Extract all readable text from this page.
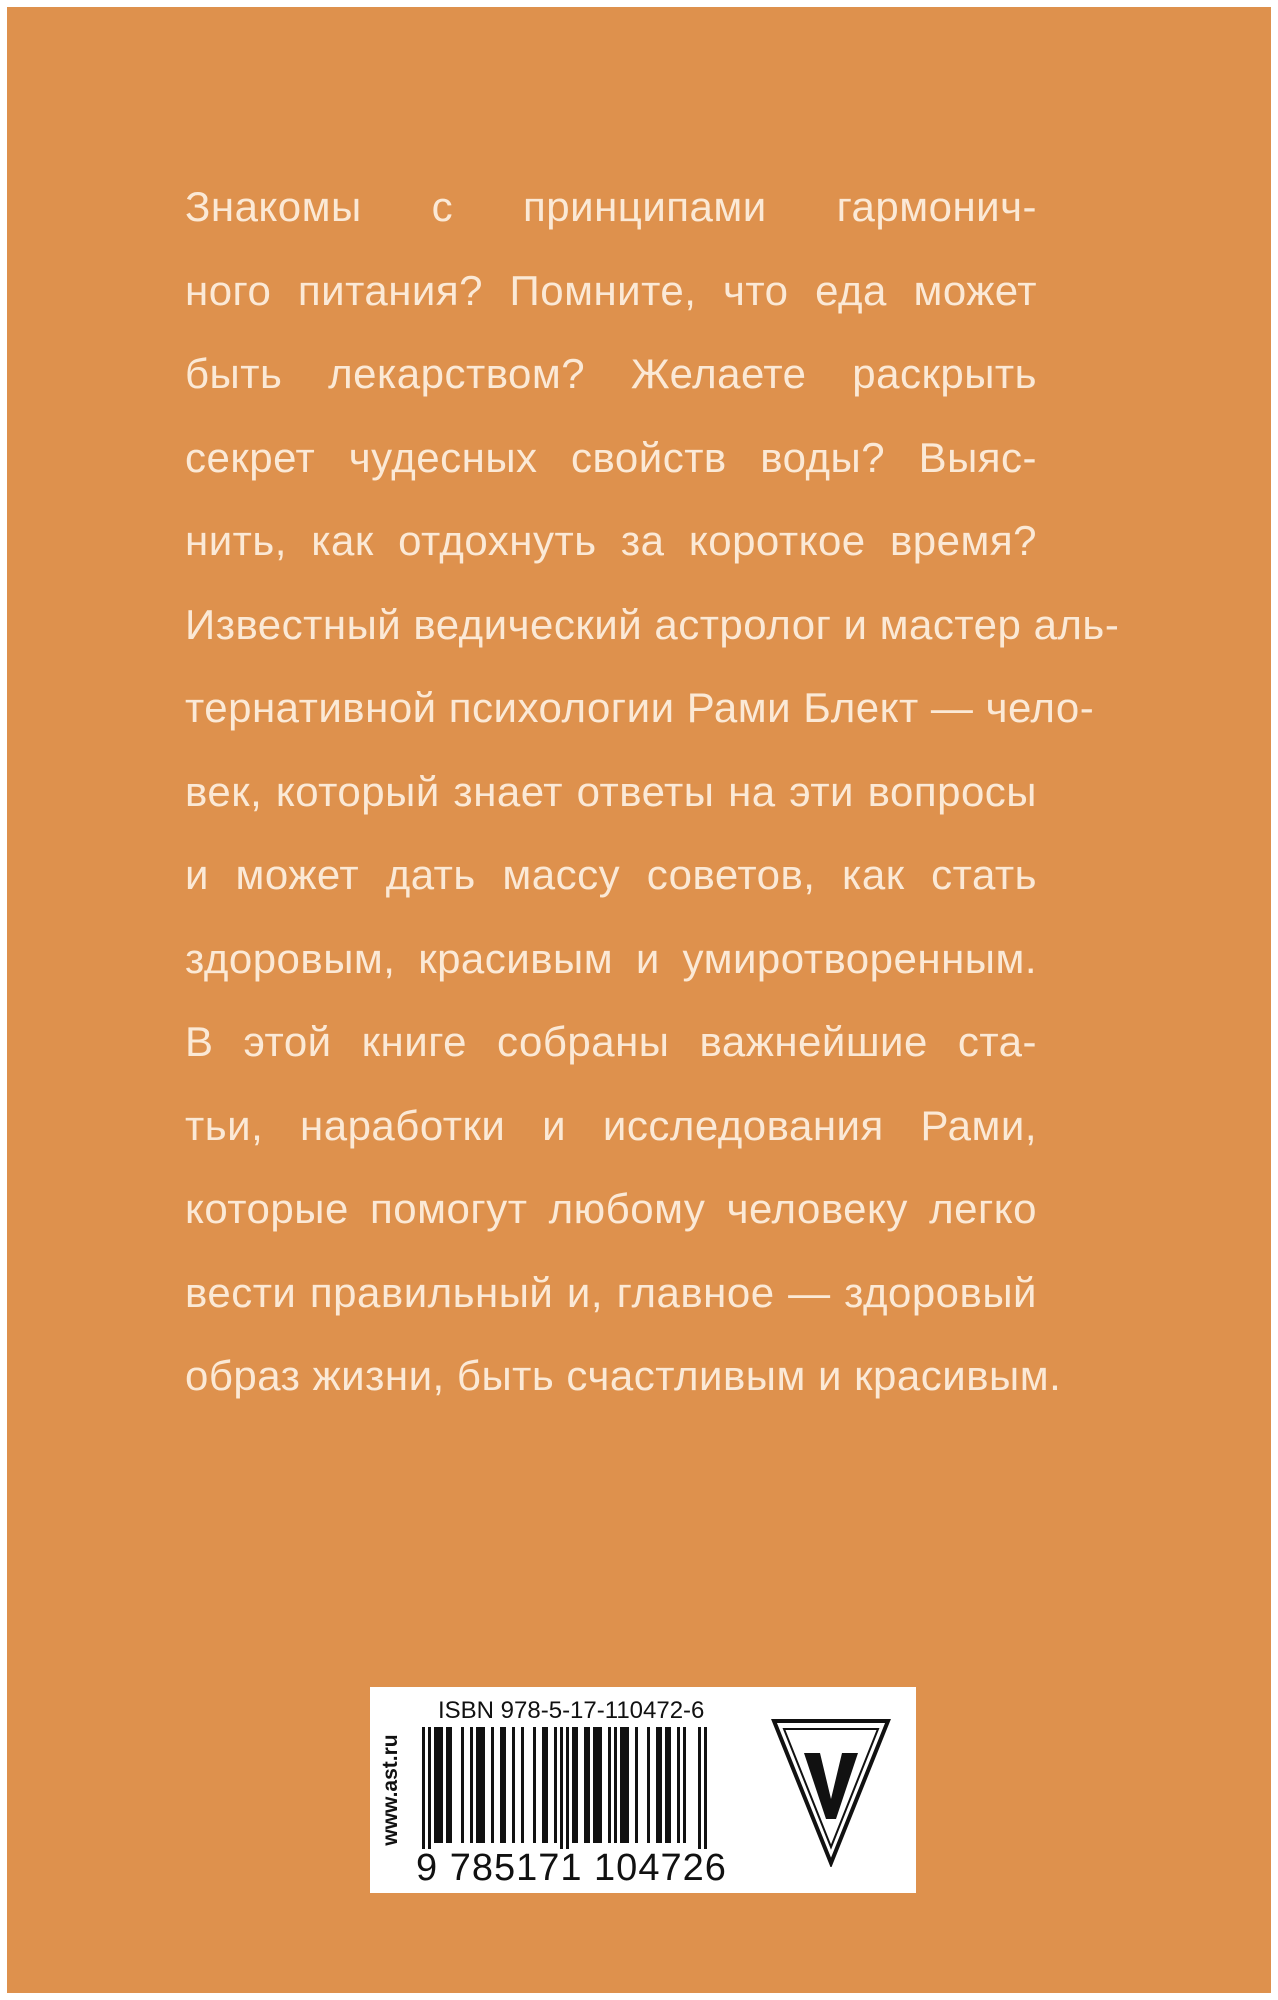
Знакомы с принципами гармонич-
ного питания? Помните, что еда может
быть лекарством? Желаете раскрыть
секрет чудесных свойств воды? Выяс-
нить, как отдохнуть за короткое время?
Известный ведический астролог и мастер аль-
тернативной психологии Рами Блект — чело-
век, который знает ответы на эти вопросы
и может дать массу советов, как стать
здоровым, красивым и умиротворенным.
В этой книге собраны важнейшие ста-
тьи, наработки и исследования Рами,
которые помогут любому человеку легко
вести правильный и, главное — здоровый
образ жизни, быть счастливым и красивым.
www.ast.ru
ISBN 978-5-17-110472-6
9 785171 104726
